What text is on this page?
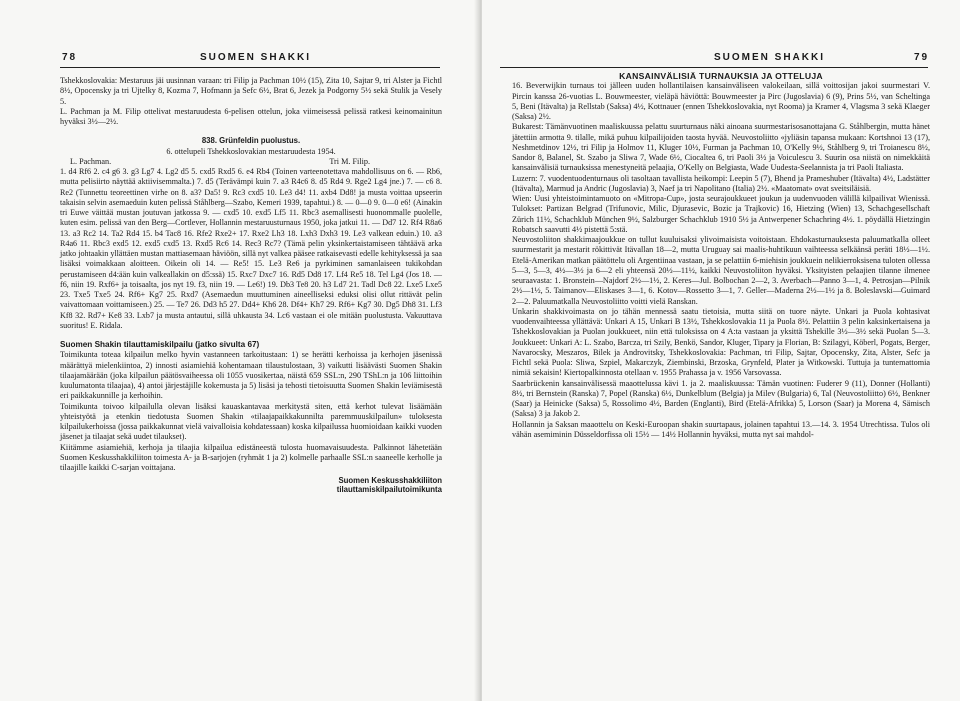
78	SUOMEN SHAKKI

Tshekkoslovakia: Mestaruus jäi uusinnan varaan: tri Filip ja Pachman 10½ (15), Zita 10, Sajtar 9, tri Alster ja Fichtl 8½, Opocensky ja tri Ujtelky 8, Kozma 7, Hofmann ja Sefc 6½, Brat 6, Jezek ja Podgorny 5½ sekä Stulik ja Vesely 5.

L. Pachman ja M. Filip ottelivat mestaruudesta 6-pelisen ottelun, joka viimeisessä pelissä ratkesi keinomainitun hyväksi 3½—2½.

838. Grünfeldin puolustus.

6. ottelupeli Tshekkoslovakian mestaruudesta 1954.

L. Pachman.	Tri M. Filip.

1. d4 Rf6 2. c4 g6 3. g3 Lg7 4. Lg2 d5 5. cxd5 Rxd5 6. e4 Rb4 (Toinen varteenotettava mahdollisuus on 6. — Rb6, mutta pelisiirto näyttää aktiivisemmalta.) 7. d5 (Terävämpi kuin 7. a3 R4c6 8. d5 Rd4 9. Rge2 Lg4 jne.) 7. — c6 8. Re2 (Tunnettu teoreettinen virhe on 8. a3? Da5! 9. Rc3 cxd5 10. Le3 d4! 11. axb4 Dd8! ja musta voittaa upseerin takaisin selvin asemaeduin kuten pelissä Ståhlberg—Szabo, Kemeri 1939, tapahtui.) 8. — 0—0 9. 0—0 e6! (Ainakin tri Euwe väittää mustan joutuvan jatkossa 9. — cxd5 10. exd5 Lf5 11. Rbc3 asemallisesti huonommalle puolelle, kuten esim. pelissä van den Berg—Cortlever, Hollannin mestaruusturnaus 1950, joka jatkui 11. — Dd7 12. Rf4 R8a6 13. a3 Rc2 14. Ta2 Rd4 15. b4 Tac8 16. Rfe2 Rxe2+ 17. Rxe2 Lh3 18. Lxh3 Dxh3 19. Le3 valkean eduin.) 10. a3 R4a6 11. Rbc3 exd5 12. exd5 cxd5 13. Rxd5 Rc6 14. Rec3 Rc7? (Tämä pelin yksinkertaistamiseen tähtäävä arka jatko johtaakin yllättäen mustan mattiasemaan häviöön, sillä nyt valkea pääsee ratkaisevasti edelle kehityksessä ja saa lisäksi voimakkaan aloitteen. Oikein oli 14. — Re5! 15. Le3 Re6 ja pyrkiminen samanlaiseen tukikohdan perustamiseen d4:ään kuin valkeallakin on d5:ssä) 15. Rxc7 Dxc7 16. Rd5 Dd8 17. Lf4 Re5 18. Tel Lg4 (Jos 18. — f6, niin 19. Rxf6+ ja toisaalta, jos nyt 19. f3, niin 19. — Le6!) 19. Db3 Te8 20. h3 Ld7 21. Tadl Dc8 22. Lxe5 Lxe5 23. Txe5 Txe5 24. Rf6+ Kg7 25. Rxd7 (Asemaedun muuttuminen aineelliseksi eduksi olisi ollut rittävät pelin vaivattomaan voittamiseen.) 25. — Te7 26. Dd3 h5 27. Dd4+ Kh6 28. Df4+ Kh7 29. Rf6+ Kg7 30. Dg5 Dh8 31. Lf3 Kf8 32. Rd7+ Ke8 33. Lxb7 ja musta antautui, sillä uhkausta 34. Lc6 vastaan ei ole mitään puolustusta. Vakuuttava suoritus! E. Ridala.

Suomen Shakin tilauttamiskilpailu (jatko sivulta 67)

Toimikunta toteaa kilpailun melko hyvin vastanneen tarkoitustaan: 1) se herätti kerhoissa ja kerhojen jäsenissä määrättyä mielenkiintoa, 2) innosti asiamiehiä kohentamaan tilaustulostaan, 3) vaikutti lisäävästi Suomen Shakin tilaajamäärään (joka kilpailun päätösvaiheessa oli 1055 vuosikertaa, näistä 659 SSL:n, 290 TShL:n ja 106 liittoihin kuulumatonta tilaajaa), 4) antoi järjestäjille kokemusta ja 5) lisäsi ja tehosti tietoisuutta Suomen Shakin leviämisestä eri paikkakunnille ja kerhoihin.

Toimikunta toivoo kilpailulla olevan lisäksi kauaskantavaa merkitystä siten, että kerhot tulevat lisäämään yhteistyötä ja etenkin tiedotusta Suomen Shakin «tilaajapaikkakunnilta paremmuuskilpailun» tuloksesta kilpailukerhoissa (jossa paikkakunnat vielä vaivalloisia kohdatessaan) koska kilpailussa huomioidaan kaikki vuoden jäsenet ja tilaajat sekä uudet tilaukset).

Kiitämme asiamiehiä, kerhoja ja tilaajia kilpailua edistäneestä tulosta huomavaisuudesta. Palkinnot lähetetään Suomen Keskusshakkiliiton toimesta A- ja B-sarjojen (ryhmät 1 ja 2) kolmelle parhaalle SSL:n saaneelle kerholle ja tilaajille kaikki C-sarjan voittajana.

Suomen Keskusshakkiliiton
tilauttamiskilpailutoimikunta
SUOMEN SHAKKI	79

KANSAINVÄLISIÄ TURNAUKSIA JA OTTELUJA

16. Beverwijkin turnaus toi jälleen uuden hollantilaisen kansainväliseen valokeilaan, sillä voittosijan jakoi suurmestari V. Pircin kanssa 26-vuotias L. Bouwmeester, vieläpä häviöttä: Bouwmeester ja Pirc (Jugoslavia) 6 (9), Prins 5½, van Scheltinga 5, Beni (Itävalta) ja Rellstab (Saksa) 4½, Kottnauer (ennen Tshekkoslovakia, nyt Rooma) ja Kramer 4, Vlagsma 3 sekä Klaeger (Saksa) 2½.

Bukarest: Tämänvuotinen maaliskuussa pelattu suurturnaus näki ainoana suurmestarisosanottajana G. Ståhlbergin, mutta hänet jätettiin armotta 9. tilalle, mikä puhuu kilpailijoiden taosta hyvää. Neuvostoliitto «jyliäsin tapansa mukaan: Kortshnoi 13 (17), Neshmetdinov 12½, tri Filip ja Holmov 11, Kluger 10½, Furman ja Pachman 10, O'Kelly 9½, Ståhlberg 9, tri Troianescu 8½, Sandor 8, Balanel, St. Szabo ja Sliwa 7, Wade 6½, Ciocaltea 6, tri Paoli 3½ ja Voiculescu 3. Suurin osa niistä on nimekkäitä kansainvälisiä turnauksissa menestyneitä pelaajia, O'Kelly on Belgiasta, Wade Uudesta-Seelannista ja tri Paoli Italiasta.

Luzern: 7. vuodentuodenturnaus oli tasoltaan tavallista heikompi: Leepin 5 (7), Bhend ja Prameshuber (Itävalta) 4½, Ladstätter (Itävalta), Marmud ja Andric (Jugoslavia) 3, Naef ja tri Napolitano (Italia) 2½. «Maatomat» ovat sveitsiläisiä.

Wien: Uusi yhteistoimintamuoto on «Mitropa-Cup», josta seurajoukkueet joukun ja uudenvuoden välillä kilpailivat Wienissä. Tulokset: Partizan Belgrad (Trifunovic, Milic, Djurasevic, Bozic ja Trajkovic) 16, Hietzing (Wien) 13, Schachgesellschaft Zürich 11½, Schachklub München 9½, Salzburger Schachklub 1910 5½ ja Antwerpener Schachring 4½. 1. pöydällä Hietzingin Robatsch saavutti 4½ pistettä 5:stä.

Neuvostoliiton shakkimaajoukkue on tullut kuuluisaksi ylivoimaisista voitoistaan. Ehdokasturnauksesta paluumatkalla olleet suurmestarit ja mestarit rökittivät Itävallan 18—2, mutta Uruguay sai maalis-huhtikuun vaihteessa selkäänsä peräti 18½—1½. Etelä-Amerikan matkan päätöttelu oli Argentiinaa vastaan, ja se pelattiin 6-miehisin joukkuein nelikierroksisena tuloten ollessa 5—3, 5—3, 4½—3½ ja 6—2 eli yhteensä 20½—11½, kaikki Neuvostoliiton hyväksi. Yksityisten pelaajien tilanne ilmenee seuraavasta: 1. Bronstein—Najdorf 2½—1½, 2. Keres—Jul. Bolbochan 2—2, 3. Averbach—Panno 3—1, 4. Petrosjan—Pilnik 2½—1½, 5. Taimanov—Eliskases 3—1, 6. Kotov—Rossetto 3—1, 7. Geller—Maderna 2½—1½ ja 8. Boleslavski—Guimard 2—2. Paluumatkalla Neuvostoliitto voitti vielä Ranskan.

Unkarin shakkivoimasta on jo tähän mennessä saatu tietoisia, mutta siitä on tuore näyte. Unkari ja Puola kohtasivat vuodenvaihteessa yllättävä: Unkari A 15, Unkari B 13½, Tshekkoslovakia 11 ja Puola 8½. Pelattiin 3 pelin kaksinkertaisena ja Tshekkoslovakian ja Puolan joukkueet, niin että tuloksissa on 4 A:ta vastaan ja yksittä Tshekille 3½—3½ sekä Puolan 5—3. Joukkueet: Unkari A: L. Szabo, Barcza, tri Szily, Benkö, Sandor, Kluger, Tipary ja Florian, B: Szilagyi, Köberl, Pogats, Berger, Navarocsky, Meszaros, Bilek ja Androvitsky, Tshekkoslovakia: Pachman, tri Filip, Sajtar, Opocensky, Zita, Alster, Sefc ja Fichtl sekä Puola: Sliwa, Szpiel, Makarczyk, Ziembinski, Brzoska, Grynfeld, Plater ja Witkowski. Tuttuja ja tuntemattomia nimiä sekaisin! Kiertopalkinnosta otellaan v. 1955 Prahassa ja v. 1956 Varsovassa.

Saarbrückenin kansainvälisessä maaottelussa kävi 1. ja 2. maaliskuussa: Tämän vuotinen: Fuderer 9 (11), Donner (Hollanti) 8½, tri Bernstein (Ranska) 7, Popel (Ranska) 6½, Dunkelblum (Belgia) ja Milev (Bulgaria) 6, Tal (Neuvostoliitto) 6½, Benkner (Saar) ja Heinicke (Saksa) 5, Rossolimo 4½, Barden (Englanti), Bird (Etelä-Afrikka) 5, Lorson (Saar) ja Morena 4, Sämisch (Saksa) 3 ja Jakob 2.

Hollannin ja Saksan maaottelu on Keski-Euroopan shakin suurtapaus, jolainen tapahtui 13.—14. 3. 1954 Utrechtissa. Tulos oli vähän asemiminin Düsseldorfissa oli 15½ — 14½ Hollannin hyväksi, mutta nyt sai mahdol-
